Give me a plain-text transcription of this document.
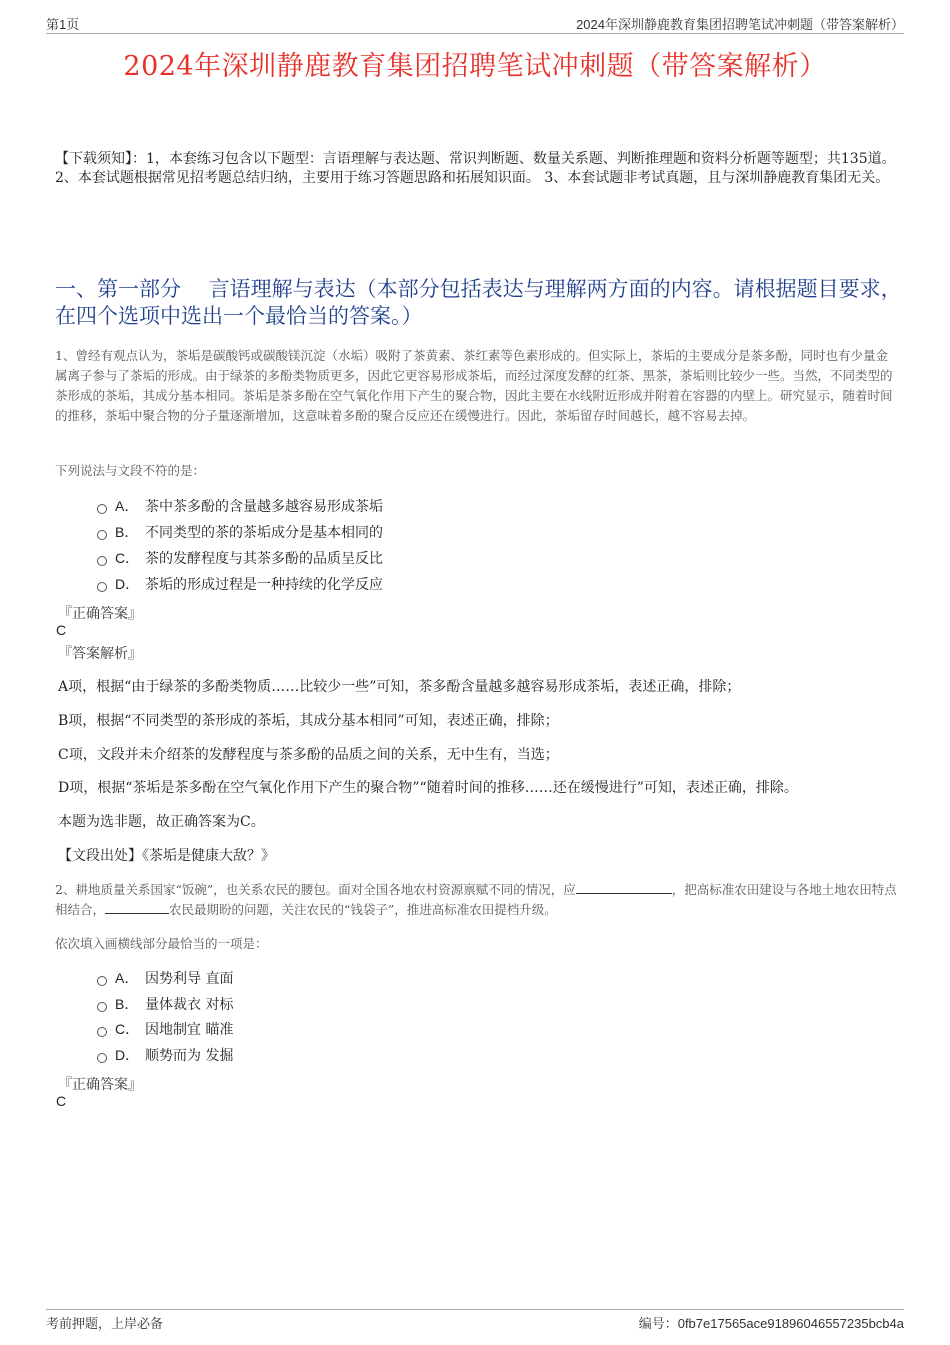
第1页	2024年深圳静鹿教育集团招聘笔试冲刺题（带答案解析）
2024年深圳静鹿教育集团招聘笔试冲刺题（带答案解析）
【下载须知】：1，本套练习包含以下题型：言语理解与表达题、常识判断题、数量关系题、判断推理题和资料分析题等题型；共135道。 2、本套试题根据常见招考题总结归纳，主要用于练习答题思路和拓展知识面。 3、本套试题非考试真题，且与深圳静鹿教育集团无关。
一、第一部分　 言语理解与表达（本部分包括表达与理解两方面的内容。请根据题目要求，在四个选项中选出一个最恰当的答案。）
1、曾经有观点认为，茶垢是碳酸钙或碳酸镁沉淀（水垢）吸附了茶黄素、茶红素等色素形成的。但实际上，茶垢的主要成分是茶多酚，同时也有少量金属离子参与了茶垢的形成。由于绿茶的多酚类物质更多，因此它更容易形成茶垢，而经过深度发酵的红茶、黑茶，茶垢则比较少一些。当然，不同类型的茶形成的茶垢，其成分基本相同。茶垢是茶多酚在空气氧化作用下产生的聚合物，因此主要在水线附近形成并附着在容器的内壁上。研究显示，随着时间的推移，茶垢中聚合物的分子量逐渐增加，这意味着多酚的聚合反应还在缓慢进行。因此，茶垢留存时间越长，越不容易去掉。
下列说法与文段不符的是：
A． 茶中茶多酚的含量越多越容易形成茶垢
B． 不同类型的茶的茶垢成分是基本相同的
C． 茶的发酵程度与其茶多酚的品质呈反比
D． 茶垢的形成过程是一种持续的化学反应
『正确答案』
C
『答案解析』
A项，根据“由于绿茶的多酚类物质……比较少一些”可知，茶多酚含量越多越容易形成茶垢，表述正确，排除；
B项，根据“不同类型的茶形成的茶垢，其成分基本相同”可知，表述正确，排除；
C项，文段并未介绍茶的发酵程度与茶多酚的品质之间的关系，无中生有，当选；
D项，根据“茶垢是茶多酚在空气氧化作用下产生的聚合物”“随着时间的推移……还在缓慢进行”可知，表述正确，排除。
本题为选非题，故正确答案为C。
【文段出处】《茶垢是健康大敌？》
2、耕地质量关系国家“饭碗”，也关系农民的腰包。面对全国各地农村资源禀赋不同的情况，应	，把高标准农田建设与各地土地农田特点相结合，	农民最期盼的问题，关注农民的“钱袋子”，推进高标准农田提档升级。
依次填入画横线部分最恰当的一项是：
A． 因势利导 直面
B． 量体裁衣 对标
C． 因地制宜 瞄准
D． 顺势而为 发掘
『正确答案』
C
考前押题，上岸必备	编号：0fb7e17565ace91896046557235bcb4a
